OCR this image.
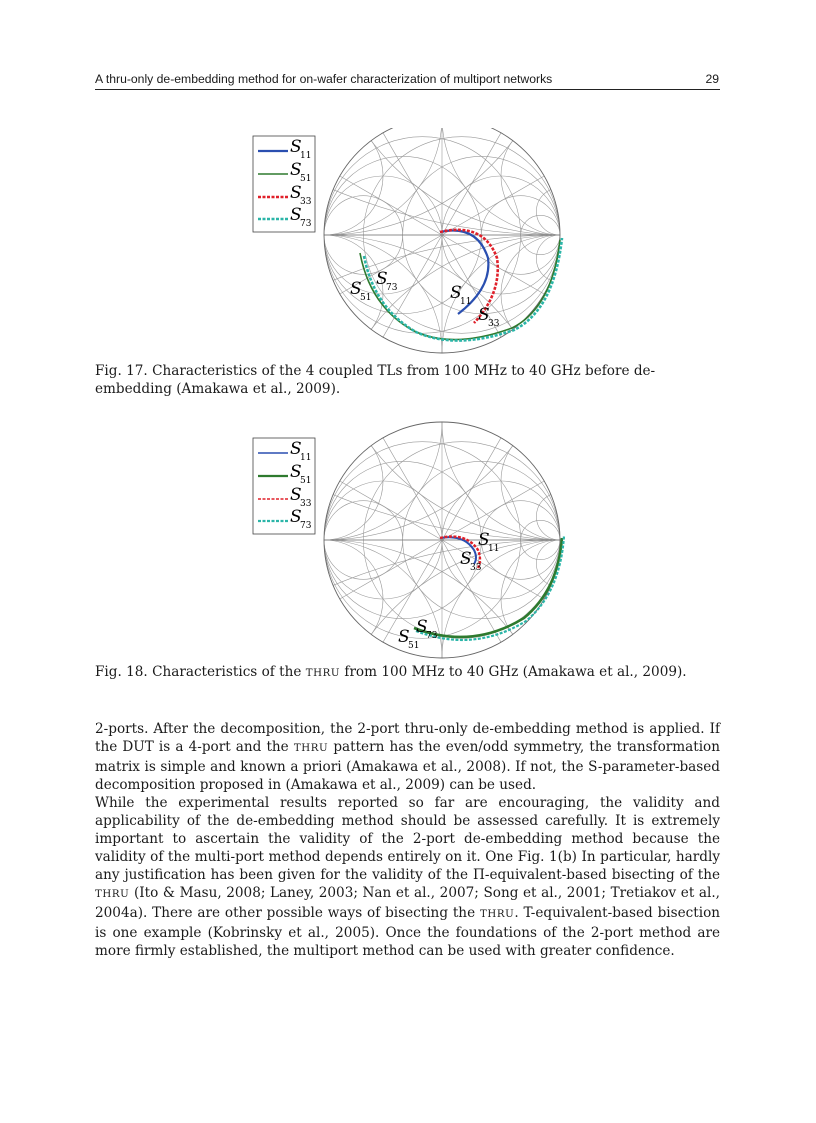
A thru-only de-embedding method for on-wafer characterization of multiport networks	29
S
11
S
51
S
33
S
73
S
51
S
73	S
11
S
33
Fig. 17. Characteristics of the 4 coupled TLs from 100 MHz to 40 GHz before de-embedding (Amakawa et al., 2009).
S
11
S
51
S
33
S
73
S
11
S
33
S
73
S
51
Fig. 18. Characteristics of the THRU from 100 MHz to 40 GHz (Amakawa et al., 2009).

2-ports. After the decomposition, the 2-port thru-only de-embedding method is applied. If the DUT is a 4-port and the THRU pattern has the even/odd symmetry, the transformation matrix is simple and known a priori (Amakawa et al., 2008). If not, the S-parameter-based decomposition proposed in (Amakawa et al., 2009) can be used.

While the experimental results reported so far are encouraging, the validity and applicability of the de-embedding method should be assessed carefully. It is extremely important to ascertain the validity of the 2-port de-embedding method because the validity of the multi-port method depends entirely on it. One Fig. 1(b) In particular, hardly any justification has been given for the validity of the Π-equivalent-based bisecting of the THRU (Ito & Masu, 2008; Laney, 2003; Nan et al., 2007; Song et al., 2001; Tretiakov et al., 2004a). There are other possible ways of bisecting the THRU. T-equivalent-based bisection is one example (Kobrinsky et al., 2005). Once the foundations of the 2-port method are more firmly established, the multiport method can be used with greater confidence.
